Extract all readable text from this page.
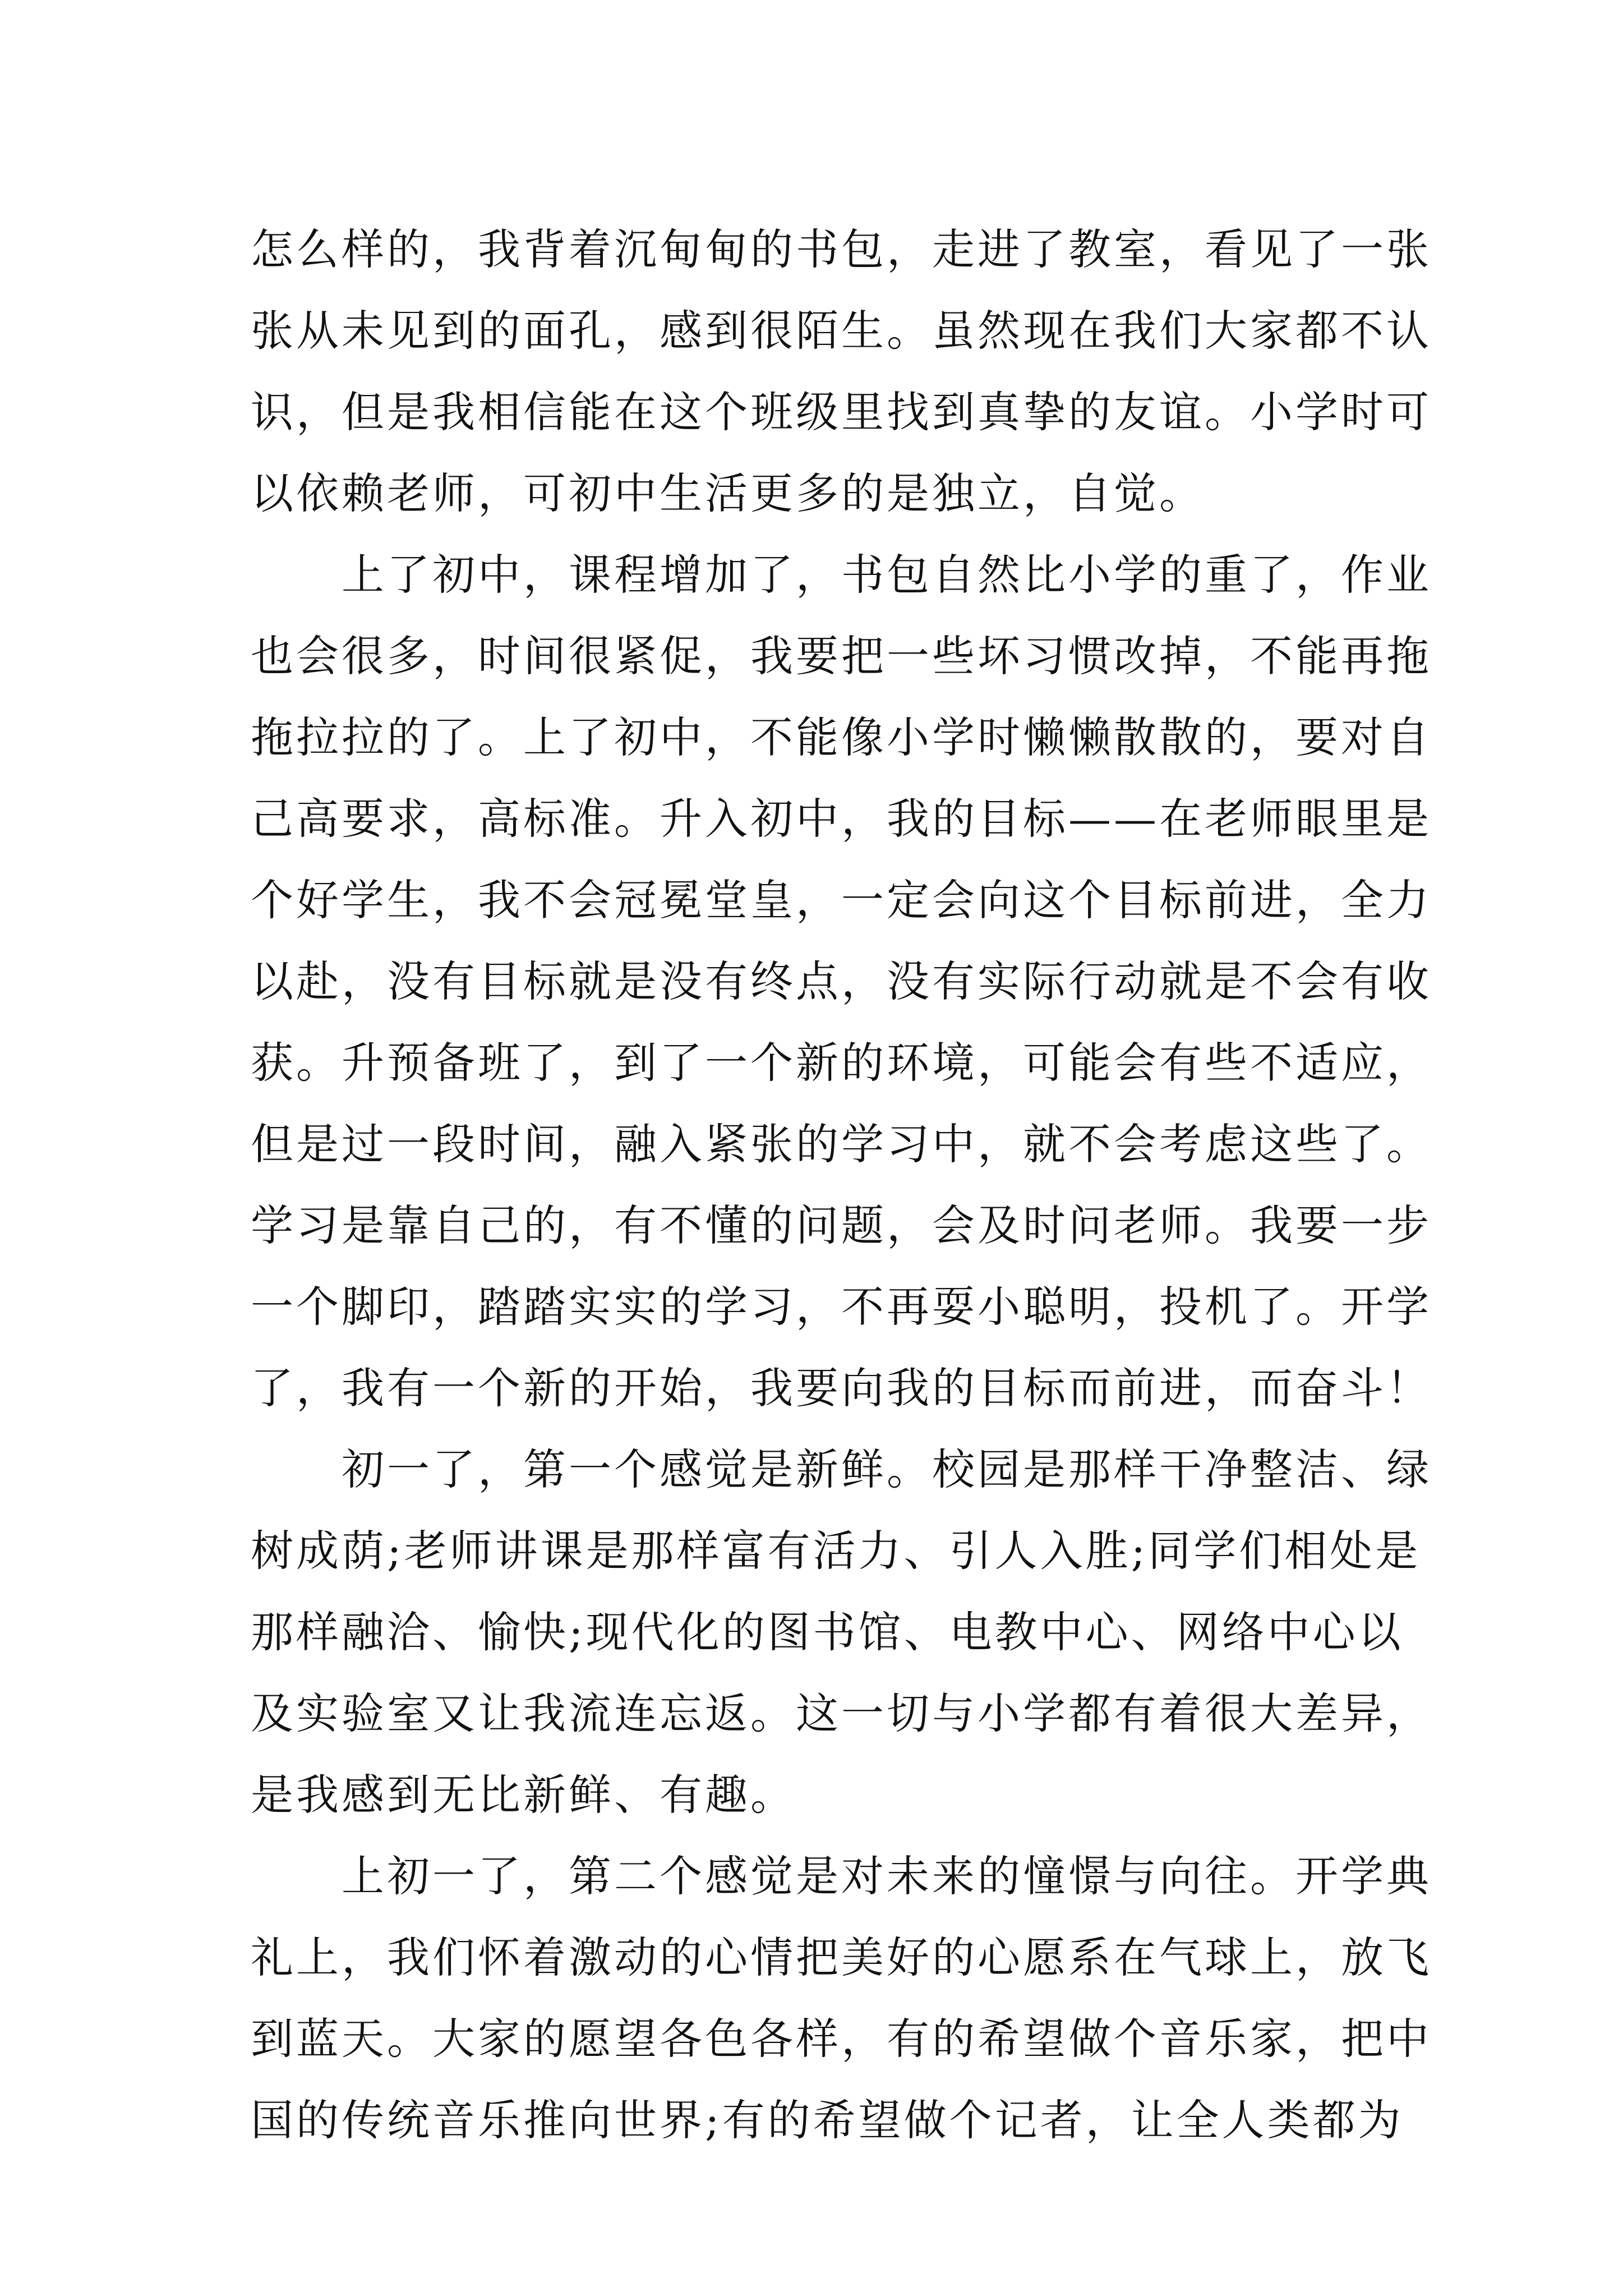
怎么样的，我背着沉甸甸的书包，走进了教室，看见了一张
张从未见到的面孔，感到很陌生。虽然现在我们大家都不认
识，但是我相信能在这个班级里找到真挚的友谊。小学时可
以依赖老师，可初中生活更多的是独立，自觉。
　　上了初中，课程增加了，书包自然比小学的重了，作业
也会很多，时间很紧促，我要把一些坏习惯改掉，不能再拖
拖拉拉的了。上了初中，不能像小学时懒懒散散的，要对自
己高要求，高标准。升入初中，我的目标——在老师眼里是
个好学生，我不会冠冕堂皇，一定会向这个目标前进，全力
以赴，没有目标就是没有终点，没有实际行动就是不会有收
获。升预备班了，到了一个新的环境，可能会有些不适应，
但是过一段时间，融入紧张的学习中，就不会考虑这些了。
学习是靠自己的，有不懂的问题，会及时问老师。我要一步
一个脚印，踏踏实实的学习，不再耍小聪明，投机了。开学
了，我有一个新的开始，我要向我的目标而前进，而奋斗！
　　初一了，第一个感觉是新鲜。校园是那样干净整洁、绿
树成荫;老师讲课是那样富有活力、引人入胜;同学们相处是
那样融洽、愉快;现代化的图书馆、电教中心、网络中心以
及实验室又让我流连忘返。这一切与小学都有着很大差异，
是我感到无比新鲜、有趣。
　　上初一了，第二个感觉是对未来的憧憬与向往。开学典
礼上，我们怀着激动的心情把美好的心愿系在气球上，放飞
到蓝天。大家的愿望各色各样，有的希望做个音乐家，把中
国的传统音乐推向世界;有的希望做个记者，让全人类都为
